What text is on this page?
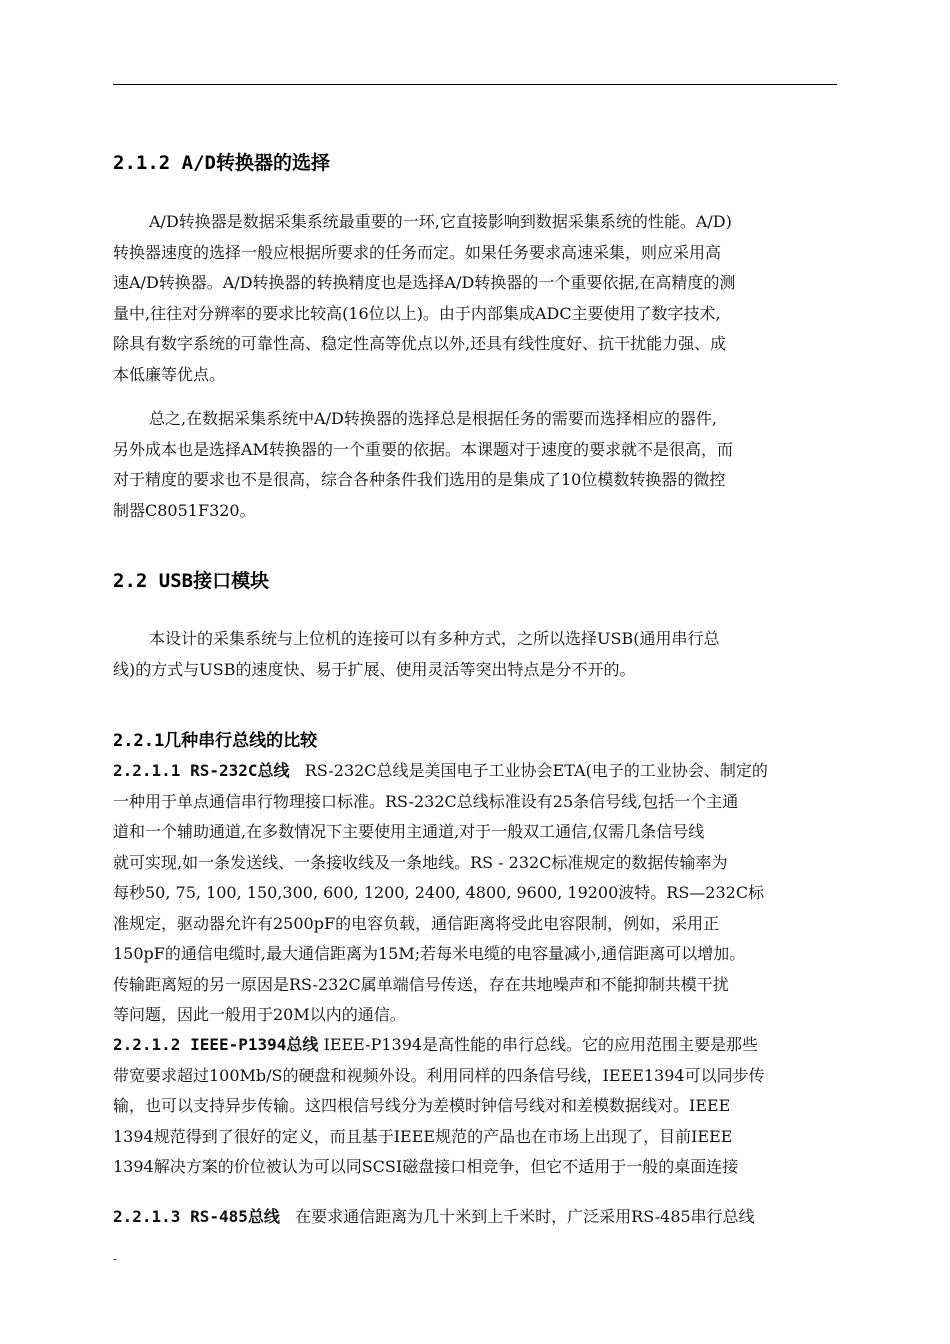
2.1.2 A/D转换器的选择
A/D转换器是数据采集系统最重要的一环,它直接影响到数据采集系统的性能。A/D)
转换器速度的选择一般应根据所要求的任务而定。如果任务要求高速采集，则应采用高
速A/D转换器。A/D转换器的转换精度也是选择A/D转换器的一个重要依据,在高精度的测
量中,往往对分辨率的要求比较高(16位以上)。由于内部集成ADC主要使用了数字技术,
除具有数字系统的可靠性高、稳定性高等优点以外,还具有线性度好、抗干扰能力强、成
本低廉等优点。
总之,在数据采集系统中A/D转换器的选择总是根据任务的需要而选择相应的器件,
另外成本也是选择AM转换器的一个重要的依据。本课题对于速度的要求就不是很高，而
对于精度的要求也不是很高，综合各种条件我们选用的是集成了10位模数转换器的微控
制器C8051F320。
2.2 USB接口模块
本设计的采集系统与上位机的连接可以有多种方式，之所以选择USB(通用串行总
线)的方式与USB的速度快、易于扩展、使用灵活等突出特点是分不开的。
2.2.1几种串行总线的比较
2.2.1.1 RS-232C总线 RS-232C总线是美国电子工业协会ETA(电子的工业协会、制定的
一种用于单点通信串行物理接口标准。RS-232C总线标准设有25条信号线,包括一个主通
道和一个辅助通道,在多数情况下主要使用主通道,对于一般双工通信,仅需几条信号线
就可实现,如一条发送线、一条接收线及一条地线。RS - 232C标准规定的数据传输率为
每秒50, 75, 100, 150,300, 600, 1200, 2400, 4800, 9600, 19200波特。RS—232C标
准规定，驱动器允许有2500pF的电容负载，通信距离将受此电容限制，例如，采用正
150pF的通信电缆时,最大通信距离为15M;若每米电缆的电容量减小,通信距离可以增加。
传输距离短的另一原因是RS-232C属单端信号传送，存在共地噪声和不能抑制共模干扰
等问题，因此一般用于20M以内的通信。
2.2.1.2 IEEE-P1394总线 IEEE-P1394是高性能的串行总线。它的应用范围主要是那些
带宽要求超过100Mb/S的硬盘和视频外设。利用同样的四条信号线，IEEE1394可以同步传
输，也可以支持异步传输。这四根信号线分为差模时钟信号线对和差模数据线对。IEEE
1394规范得到了很好的定义，而且基于IEEE规范的产品也在市场上出现了，目前IEEE
1394解决方案的价位被认为可以同SCSI磁盘接口相竞争，但它不适用于一般的桌面连接
2.2.1.3 RS-485总线 在要求通信距离为几十米到上千米时，广泛采用RS-485串行总线
-
